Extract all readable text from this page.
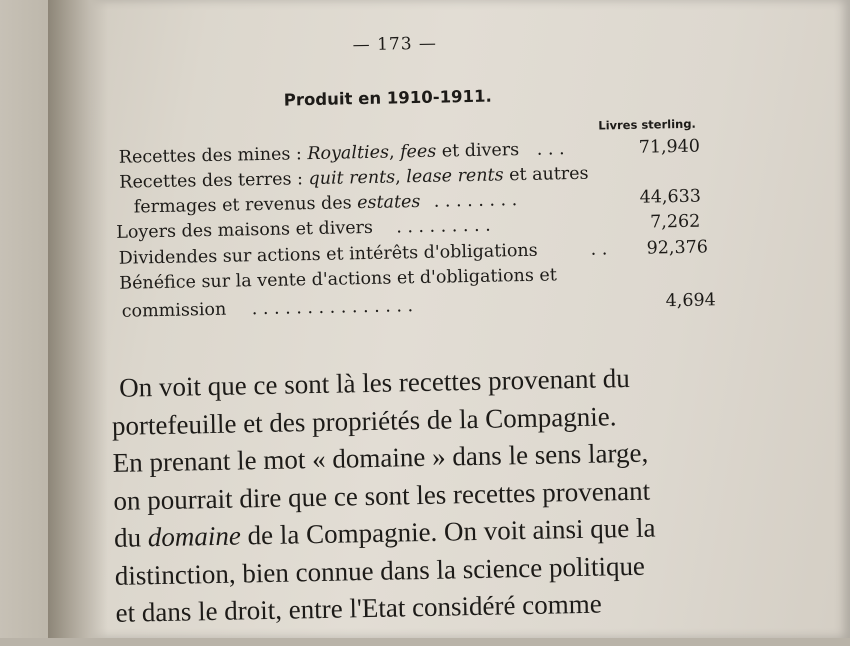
— 173 —
Produit en 1910-1911.
Livres sterling.
Recettes des mines : Royalties, fees et divers . . .	71,940
Recettes des terres : quit rents, lease rents et autres
fermages et revenus des estates . . . . . . . .	44,633
Loyers des maisons et divers . . . . . . . . .	7,262
Dividendes sur actions et intérêts d'obligations	. . 92,376
Bénéfice sur la vente d'actions et d'obligations et
commission . . . . . . . . . . . . . . .	4,694
On voit que ce sont là les recettes provenant du
portefeuille et des propriétés de la Compagnie.
En prenant le mot « domaine » dans le sens large,
on pourrait dire que ce sont les recettes provenant
du domaine de la Compagnie. On voit ainsi que la
distinction, bien connue dans la science politique
et dans le droit, entre l'Etat considéré comme
